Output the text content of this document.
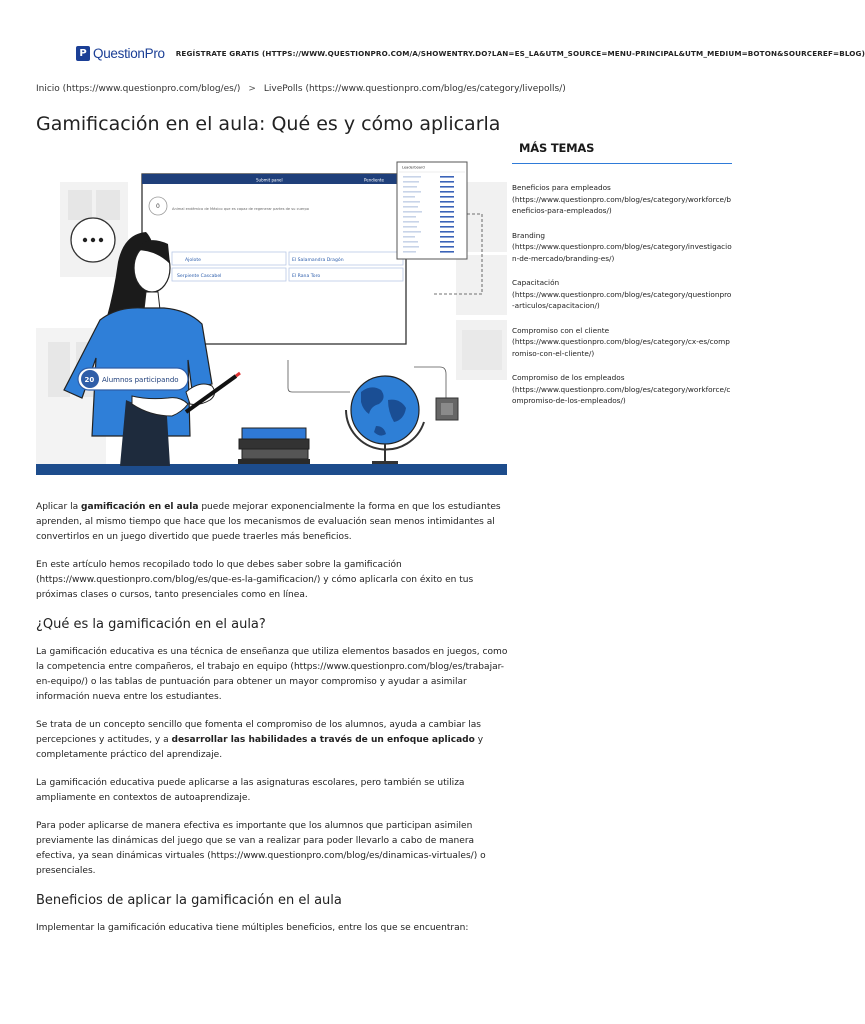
P QuestionPro REGÍSTRATE GRATIS (HTTPS://WWW.QUESTIONPRO.COM/A/SHOWENTRY.DO?LAN=ES_LA&UTM_SOURCE=MENU-PRINCIPAL&UTM_MEDIUM=BOTON&SOURCEREF=BLOG)
Inicio (https://www.questionpro.com/blog/es/) > LivePolls (https://www.questionpro.com/blog/es/category/livepolls/)
Gamificación en el aula: Qué es y cómo aplicarla
Submit panel	Pendiente
0	Animal endémico de México que es capaz de regenerar partes de su cuerpo
Ajolote	El Salamandra Dragón
Serpiente Cascabel	El Rana Toro
Leaderboard
20 Alumnos participando

Aplicar la gamificación en el aula puede mejorar exponencialmente la forma en que los estudiantes aprenden, al mismo tiempo que hace que los mecanismos de evaluación sean menos intimidantes al convertirlos en un juego divertido que puede traerles más beneficios.

En este artículo hemos recopilado todo lo que debes saber sobre la gamificación (https://www.questionpro.com/blog/es/que-es-la-gamificacion/) y cómo aplicarla con éxito en tus próximas clases o cursos, tanto presenciales como en línea.

¿Qué es la gamificación en el aula?

La gamificación educativa es una técnica de enseñanza que utiliza elementos basados en juegos, como la competencia entre compañeros, el trabajo en equipo (https://www.questionpro.com/blog/es/trabajar-en-equipo/) o las tablas de puntuación para obtener un mayor compromiso y ayudar a asimilar información nueva entre los estudiantes.

Se trata de un concepto sencillo que fomenta el compromiso de los alumnos, ayuda a cambiar las percepciones y actitudes, y a desarrollar las habilidades a través de un enfoque aplicado y completamente práctico del aprendizaje.

La gamificación educativa puede aplicarse a las asignaturas escolares, pero también se utiliza ampliamente en contextos de autoaprendizaje.

Para poder aplicarse de manera efectiva es importante que los alumnos que participan asimilen previamente las dinámicas del juego que se van a realizar para poder llevarlo a cabo de manera efectiva, ya sean dinámicas virtuales (https://www.questionpro.com/blog/es/dinamicas-virtuales/) o presenciales.

Beneficios de aplicar la gamificación en el aula

Implementar la gamificación educativa tiene múltiples beneficios, entre los que se encuentran:

MÁS TEMAS
Beneficios para empleados
(https://www.questionpro.com/blog/es/category/workforce/beneficios-para-empleados/)
Branding
(https://www.questionpro.com/blog/es/category/investigacion-de-mercado/branding-es/)
Capacitación
(https://www.questionpro.com/blog/es/category/questionpro-articulos/capacitacion/)
Compromiso con el cliente
(https://www.questionpro.com/blog/es/category/cx-es/compromiso-con-el-cliente/)
Compromiso de los empleados
(https://www.questionpro.com/blog/es/category/workforce/compromiso-de-los-empleados/)
